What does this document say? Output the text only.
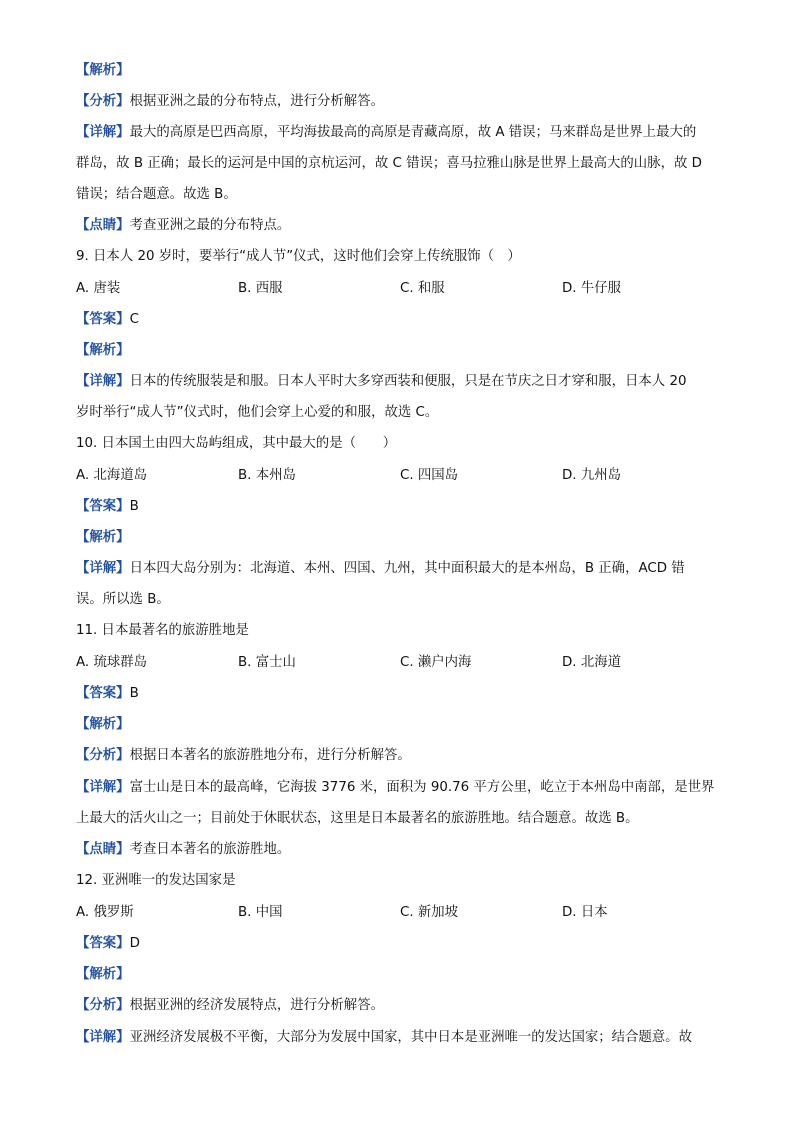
【解析】
【分析】根据亚洲之最的分布特点，进行分析解答。
【详解】最大的高原是巴西高原，平均海拔最高的高原是青藏高原，故 A 错误；马来群岛是世界上最大的
群岛，故 B 正确；最长的运河是中国的京杭运河，故 C 错误；喜马拉雅山脉是世界上最高大的山脉，故 D
错误；结合题意。故选 B。
【点睛】考查亚洲之最的分布特点。
9. 日本人 20 岁时，要举行“成人节”仪式，这时他们会穿上传统服饰（　）
A. 唐装	B. 西服	C. 和服	D. 牛仔服
【答案】C
【解析】
【详解】日本的传统服装是和服。日本人平时大多穿西装和便服，只是在节庆之日才穿和服，日本人 20
岁时举行“成人节”仪式时，他们会穿上心爱的和服，故选 C。
10. 日本国土由四大岛屿组成，其中最大的是（　　）
A. 北海道岛	B. 本州岛	C. 四国岛	D. 九州岛
【答案】B
【解析】
【详解】日本四大岛分别为：北海道、本州、四国、九州，其中面积最大的是本州岛，B 正确，ACD 错
误。所以选 B。
11. 日本最著名的旅游胜地是
A. 琉球群岛	B. 富士山	C. 濑户内海	D. 北海道
【答案】B
【解析】
【分析】根据日本著名的旅游胜地分布，进行分析解答。
【详解】富士山是日本的最高峰，它海拔 3776 米，面积为 90.76 平方公里，屹立于本州岛中南部，是世界
上最大的活火山之一；目前处于休眠状态，这里是日本最著名的旅游胜地。结合题意。故选 B。
【点睛】考查日本著名的旅游胜地。
12. 亚洲唯一的发达国家是
A. 俄罗斯	B. 中国	C. 新加坡	D. 日本
【答案】D
【解析】
【分析】根据亚洲的经济发展特点，进行分析解答。
【详解】亚洲经济发展极不平衡，大部分为发展中国家，其中日本是亚洲唯一的发达国家；结合题意。故
